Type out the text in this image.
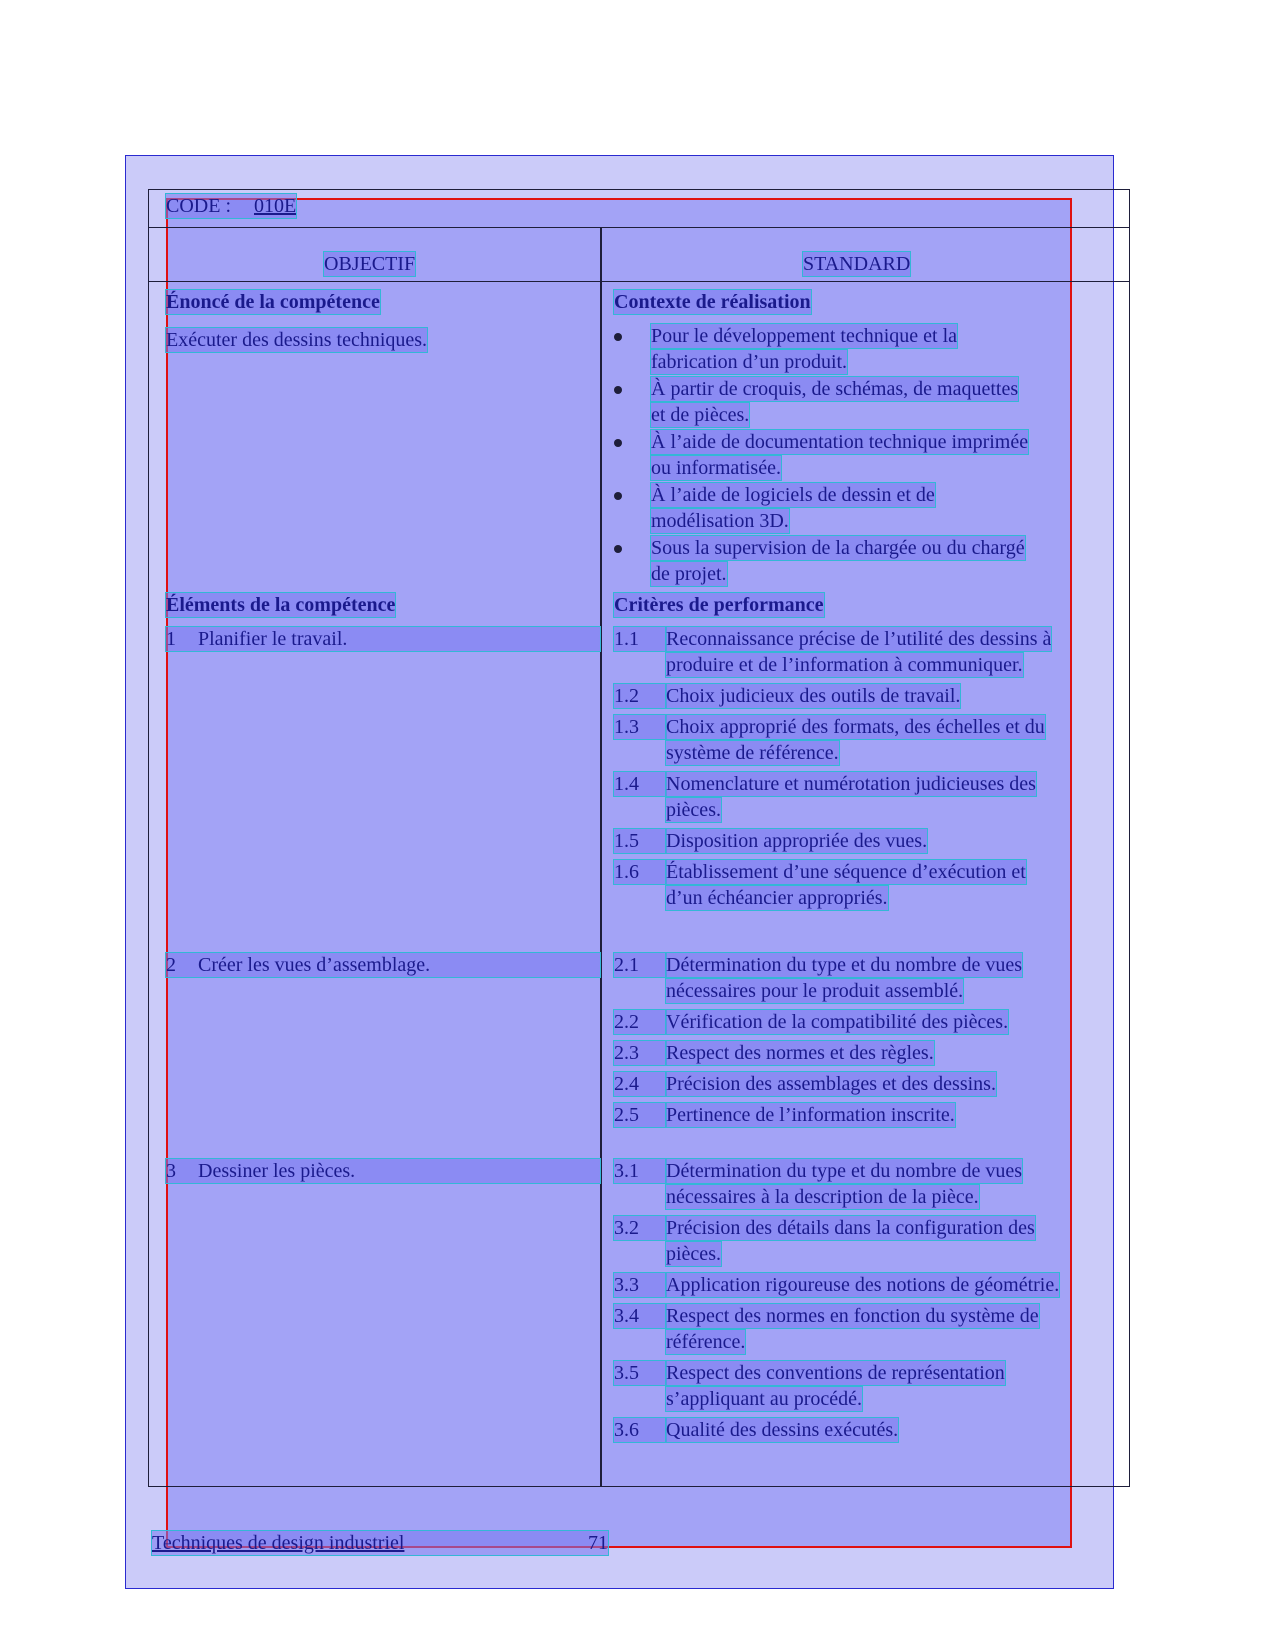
CODE : 010E
OBJECTIF	STANDARD
Énoncé de la compétence	Contexte de réalisation
Exécuter des dessins techniques.	Pour le développement technique et la
fabrication d’un produit.
À partir de croquis, de schémas, de maquettes
et de pièces.
À l’aide de documentation technique imprimée
ou informatisée.
À l’aide de logiciels de dessin et de
modélisation 3D.
Sous la supervision de la chargée ou du chargé
de projet.
Éléments de la compétence	Critères de performance
1 Planifier le travail.	1.1	Reconnaissance précise de l’utilité des dessins à
produire et de l’information à communiquer.
1.2	Choix judicieux des outils de travail.
1.3	Choix approprié des formats, des échelles et du
système de référence.
1.4	Nomenclature et numérotation judicieuses des
pièces.
1.5	Disposition appropriée des vues.
1.6	Établissement d’une séquence d’exécution et
d’un échéancier appropriés.
2 Créer les vues d’assemblage.	2.1	Détermination du type et du nombre de vues
nécessaires pour le produit assemblé.
2.2	Vérification de la compatibilité des pièces.
2.3	Respect des normes et des règles.
2.4	Précision des assemblages et des dessins.
2.5	Pertinence de l’information inscrite.
3 Dessiner les pièces.	3.1	Détermination du type et du nombre de vues
nécessaires à la description de la pièce.
3.2	Précision des détails dans la configuration des
pièces.
3.3	Application rigoureuse des notions de géométrie.
3.4	Respect des normes en fonction du système de
référence.
3.5	Respect des conventions de représentation
s’appliquant au procédé.
3.6	Qualité des dessins exécutés.
Techniques de design industriel	71
